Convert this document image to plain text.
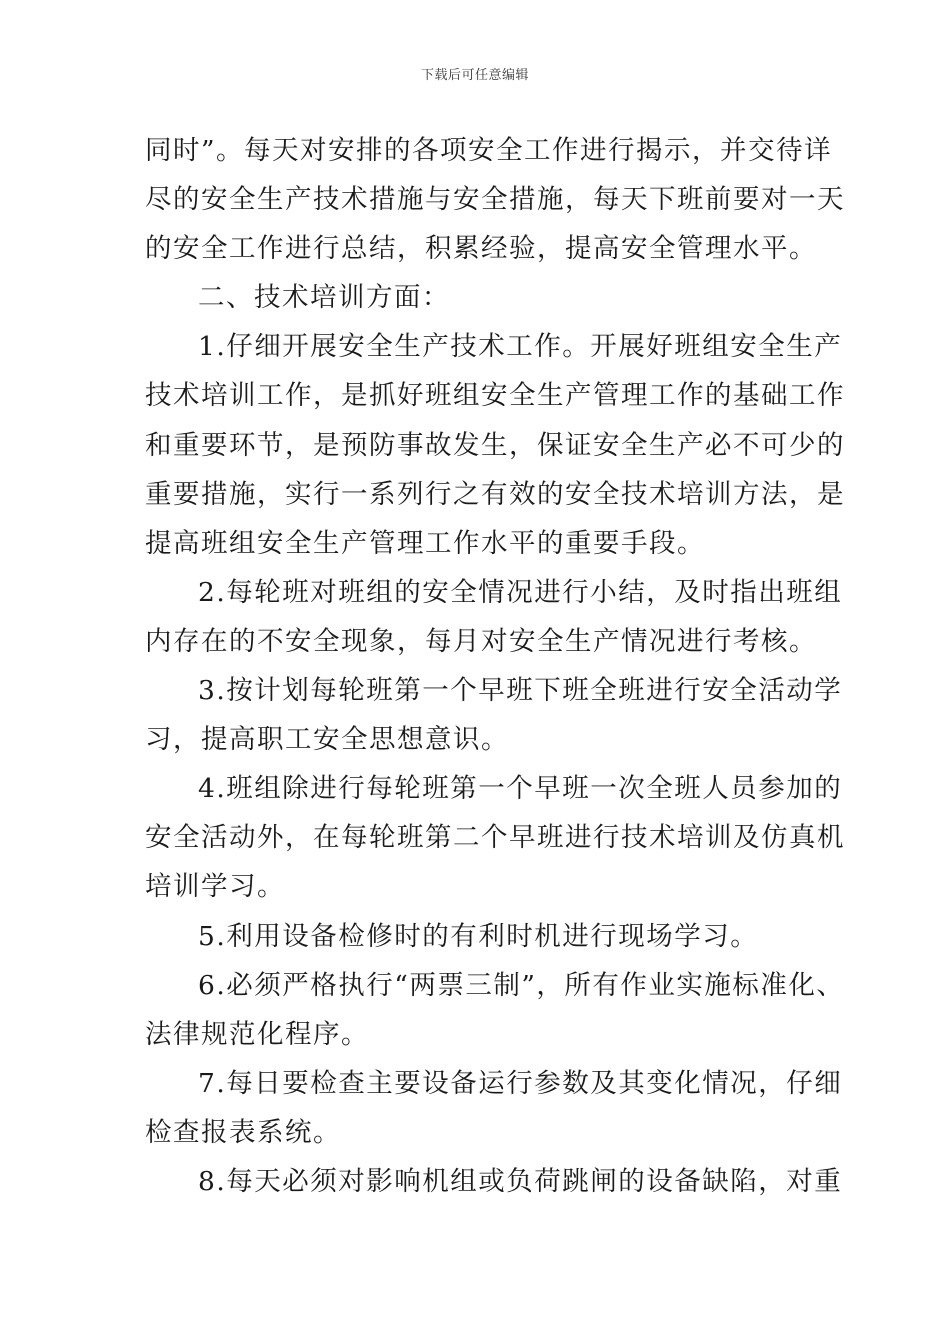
下载后可任意编辑
同时”。每天对安排的各项安全工作进行揭示，并交待详
尽的安全生产技术措施与安全措施，每天下班前要对一天
的安全工作进行总结，积累经验，提高安全管理水平。
二、技术培训方面：
1.仔细开展安全生产技术工作。开展好班组安全生产
技术培训工作，是抓好班组安全生产管理工作的基础工作
和重要环节，是预防事故发生，保证安全生产必不可少的
重要措施，实行一系列行之有效的安全技术培训方法，是
提高班组安全生产管理工作水平的重要手段。
2.每轮班对班组的安全情况进行小结，及时指出班组
内存在的不安全现象，每月对安全生产情况进行考核。
3.按计划每轮班第一个早班下班全班进行安全活动学
习，提高职工安全思想意识。
4.班组除进行每轮班第一个早班一次全班人员参加的
安全活动外，在每轮班第二个早班进行技术培训及仿真机
培训学习。
5.利用设备检修时的有利时机进行现场学习。
6.必须严格执行“两票三制”，所有作业实施标准化、
法律规范化程序。
7.每日要检查主要设备运行参数及其变化情况，仔细
检查报表系统。
8.每天必须对影响机组或负荷跳闸的设备缺陷，对重
